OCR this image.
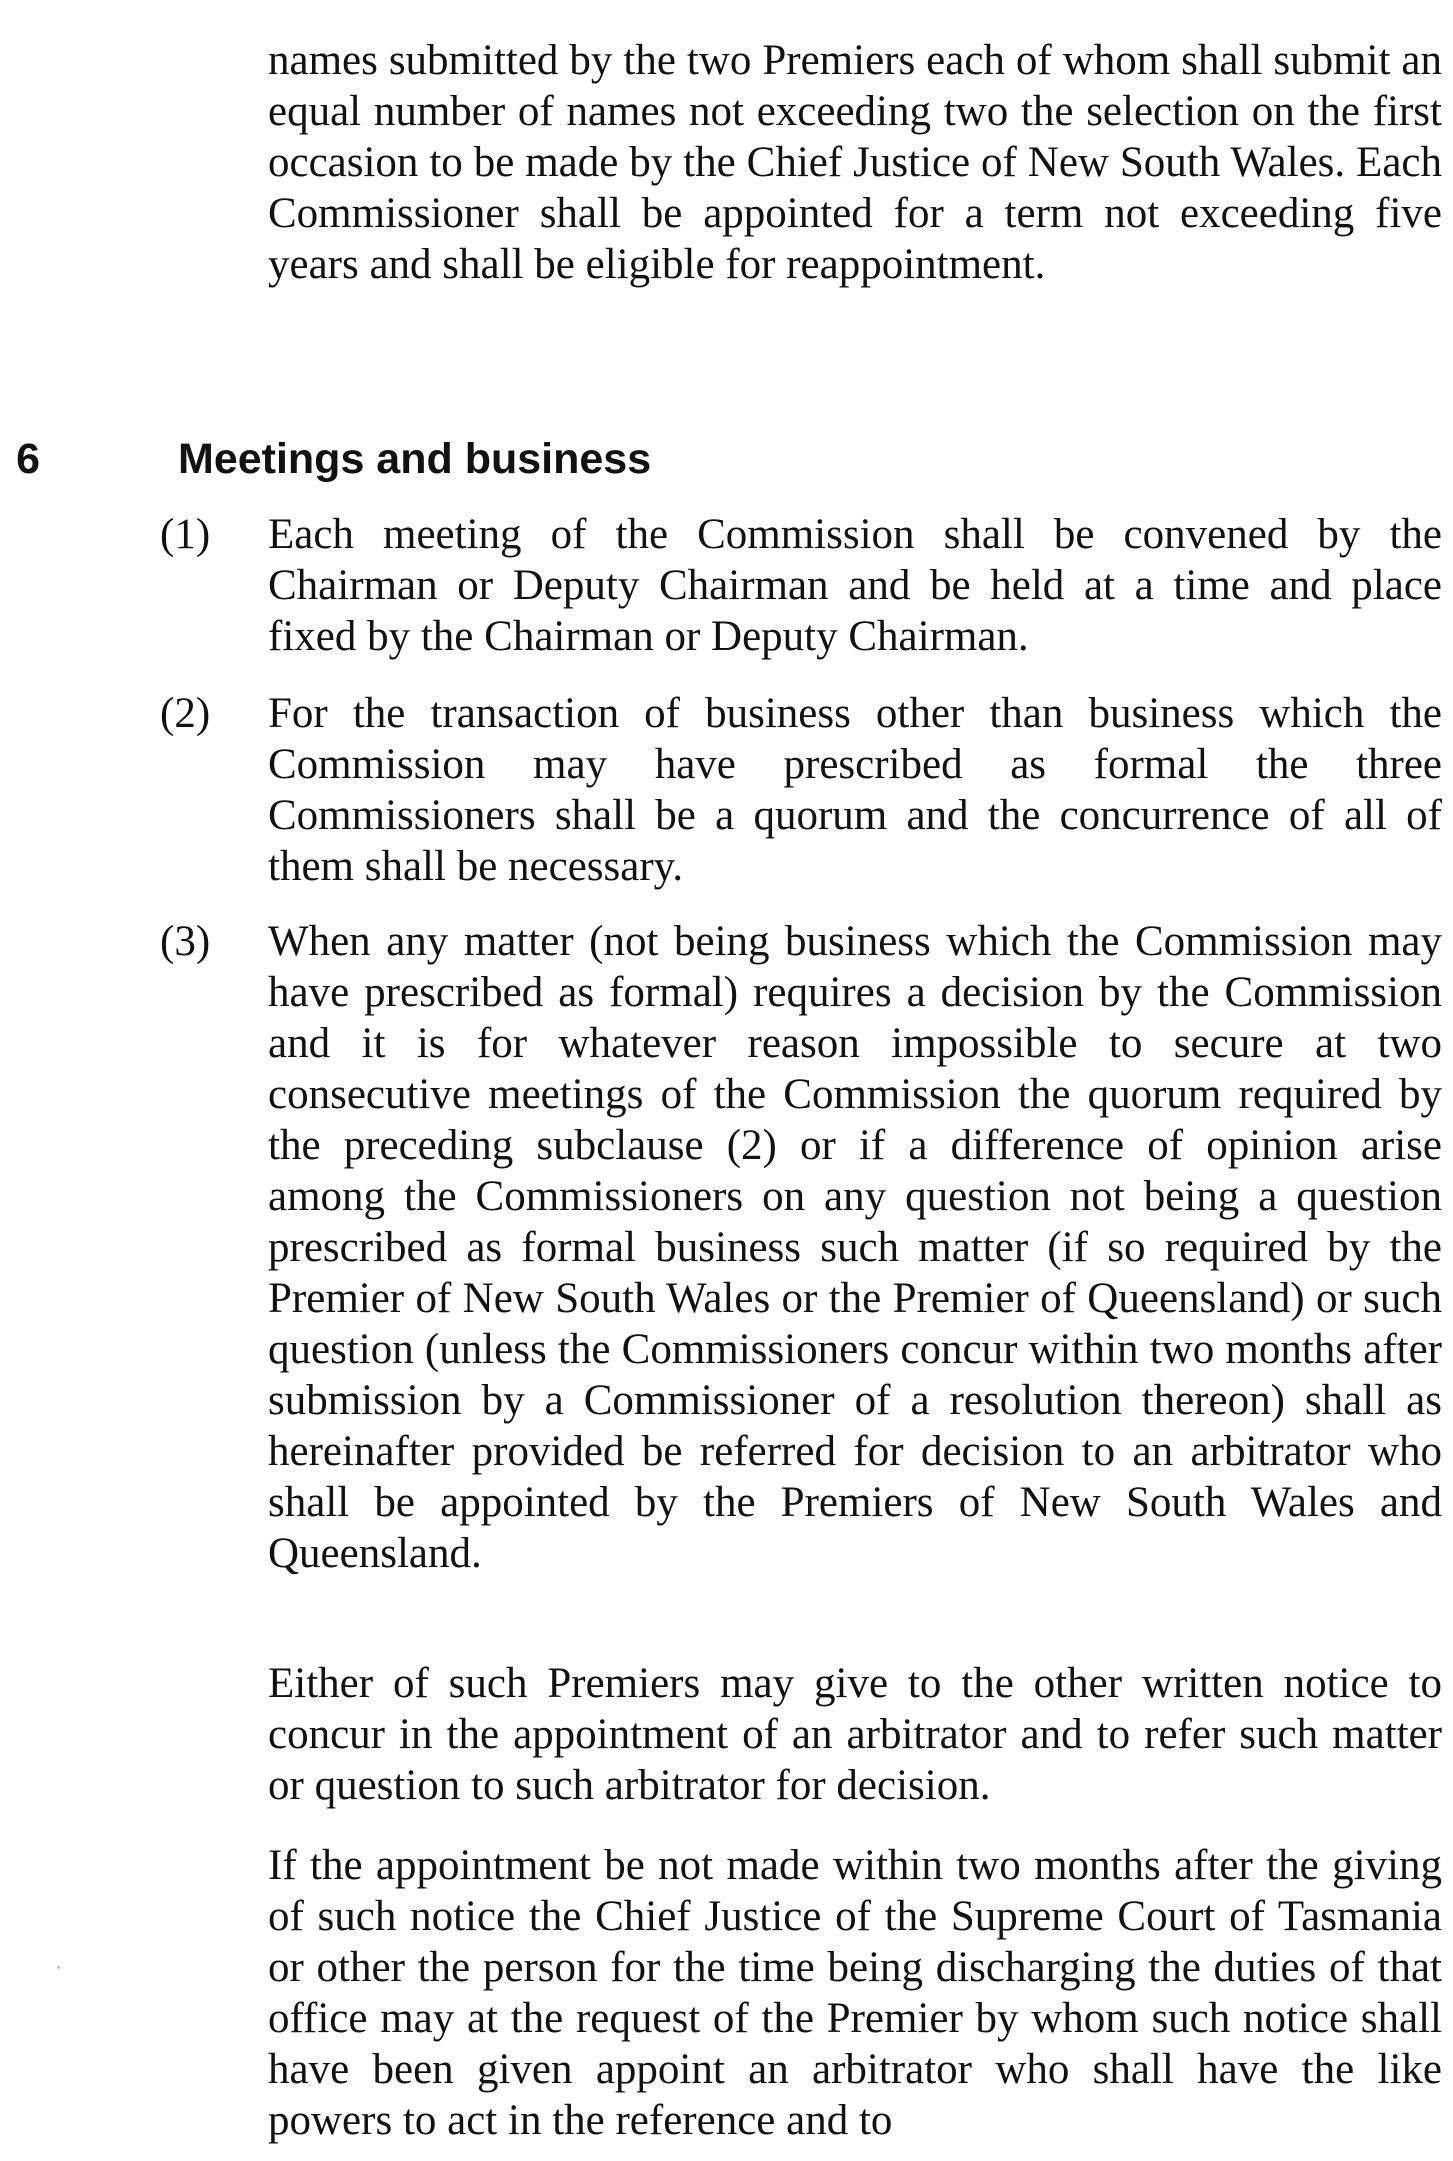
names submitted by the two Premiers each of whom shall submit an equal number of names not exceeding two the selection on the first occasion to be made by the Chief Justice of New South Wales. Each Commissioner shall be appointed for a term not exceeding five years and shall be eligible for reappointment.

6	Meetings and business
(1) Each meeting of the Commission shall be convened by the Chairman or Deputy Chairman and be held at a time and place fixed by the Chairman or Deputy Chairman.

(2) For the transaction of business other than business which the Commission may have prescribed as formal the three Commissioners shall be a quorum and the concurrence of all of them shall be necessary.

(3) When any matter (not being business which the Commission may have prescribed as formal) requires a decision by the Commission and it is for whatever reason impossible to secure at two consecutive meetings of the Commission the quorum required by the preceding subclause (2) or if a difference of opinion arise among the Commissioners on any question not being a question prescribed as formal business such matter (if so required by the Premier of New South Wales or the Premier of Queensland) or such question (unless the Commissioners concur within two months after submission by a Commissioner of a resolution thereon) shall as hereinafter provided be referred for decision to an arbitrator who shall be appointed by the Premiers of New South Wales and Queensland.

Either of such Premiers may give to the other written notice to concur in the appointment of an arbitrator and to refer such matter or question to such arbitrator for decision.

If the appointment be not made within two months after the giving of such notice the Chief Justice of the Supreme Court of Tasmania or other the person for the time being discharging the duties of that office may at the request of the Premier by whom such notice shall have been given appoint an arbitrator who shall have the like powers to act in the reference and to
